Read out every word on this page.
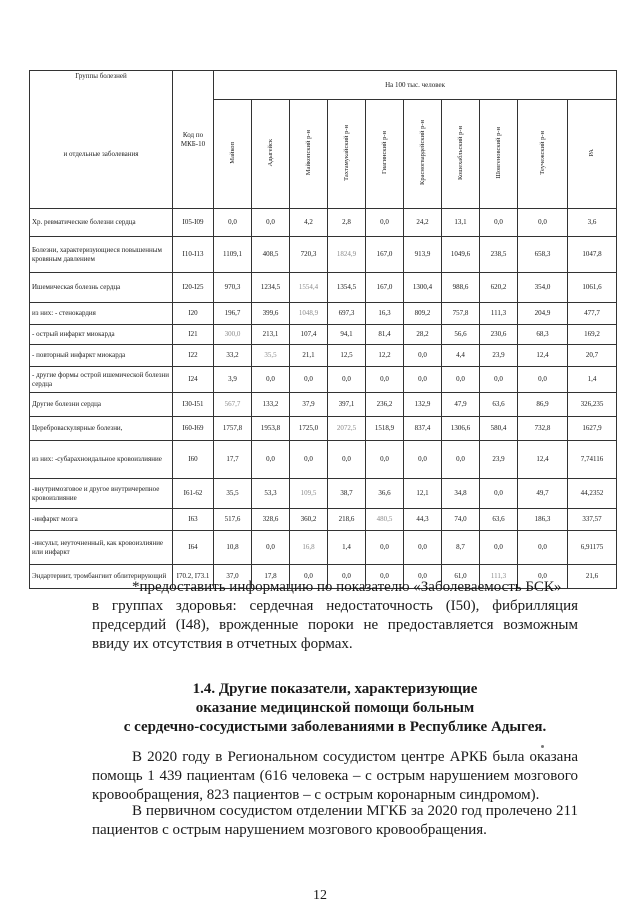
Группы болезней	Код по МКБ-10	На 100 тыс. человек									
и отдельные заболевания		Майкоп	Адыгейск	Майкопский р-н	Тахтамукайский р-н	Гиагинский р-н	Красногвардейский р-н	Кошехабльский р-н	Шовгеновский р-н	Теучежский р-н	РА
Хр. ревматические болезни сердца	I05-I09	0,0	0,0	4,2	2,8	0,0	24,2	13,1	0,0	0,0	3,6
Болезни, характеризующиеся повышенным кровяным давлением	I10-I13	1109,1	408,5	720,3	1824,9	167,0	913,9	1049,6	238,5	658,3	1047,8
Ишемическая болезнь сердца	I20-I25	970,3	1234,5	1554,4	1354,5	167,0	1300,4	988,6	620,2	354,0	1061,6
из них: - стенокардия	I20	196,7	399,6	1048,9	697,3	16,3	809,2	757,8	111,3	204,9	477,7
- острый инфаркт миокарда	I21	300,0	213,1	107,4	94,1	81,4	28,2	56,6	230,6	68,3	169,2
- повторный инфаркт миокарда	I22	33,2	35,5	21,1	12,5	12,2	0,0	4,4	23,9	12,4	20,7
- другие формы острой ишемической болезни сердца	I24	3,9	0,0	0,0	0,0	0,0	0,0	0,0	0,0	0,0	1,4
Другие болезни сердца	I30-I51	567,7	133,2	37,9	397,1	236,2	132,9	47,9	63,6	86,9	326,235
Цереброваскулярные болезни,	I60-I69	1757,8	1953,8	1725,0	2072,5	1518,9	837,4	1306,6	580,4	732,8	1627,9
из них: -субарахноидальное кровоизлияние	I60	17,7	0,0	0,0	0,0	0,0	0,0	0,0	23,9	12,4	7,74116
-внутримозговое и другое внутричерепное кровоизлияние	I61-62	35,5	53,3	109,5	38,7	36,6	12,1	34,8	0,0	49,7	44,2352
-инфаркт мозга	I63	517,6	328,6	360,2	218,6	480,5	44,3	74,0	63,6	186,3	337,57
-инсульт, неуточненный, как кровоизлияние или инфаркт	I64	10,8	0,0	16,8	1,4	0,0	0,0	8,7	0,0	0,0	6,91175
Эндартериит, тромбангиит облитерирующий	I70.2, I73.1	37,0	17,8	0,0	0,0	0,0	0,0	61,0	111,3	0,0	21,6

*предоставить информацию по показателю «Заболеваемость БСК»
в группах здоровья: сердечная недостаточность (I50), фибрилляция предсердий (I48), врожденные пороки не предоставляется возможным ввиду их отсутствия в отчетных формах.

1.4. Другие показатели, характеризующие
оказание медицинской помощи больным
с сердечно-сосудистыми заболеваниями в Республике Адыгея.

В 2020 году в Региональном сосудистом центре АРКБ была оказана помощь 1 439 пациентам (616 человека – с острым нарушением мозгового кровообращения, 823 пациентов – с острым коронарным синдромом).

В первичном сосудистом отделении МГКБ за 2020 год пролечено 211 пациентов с острым нарушением мозгового кровообращения.

12
